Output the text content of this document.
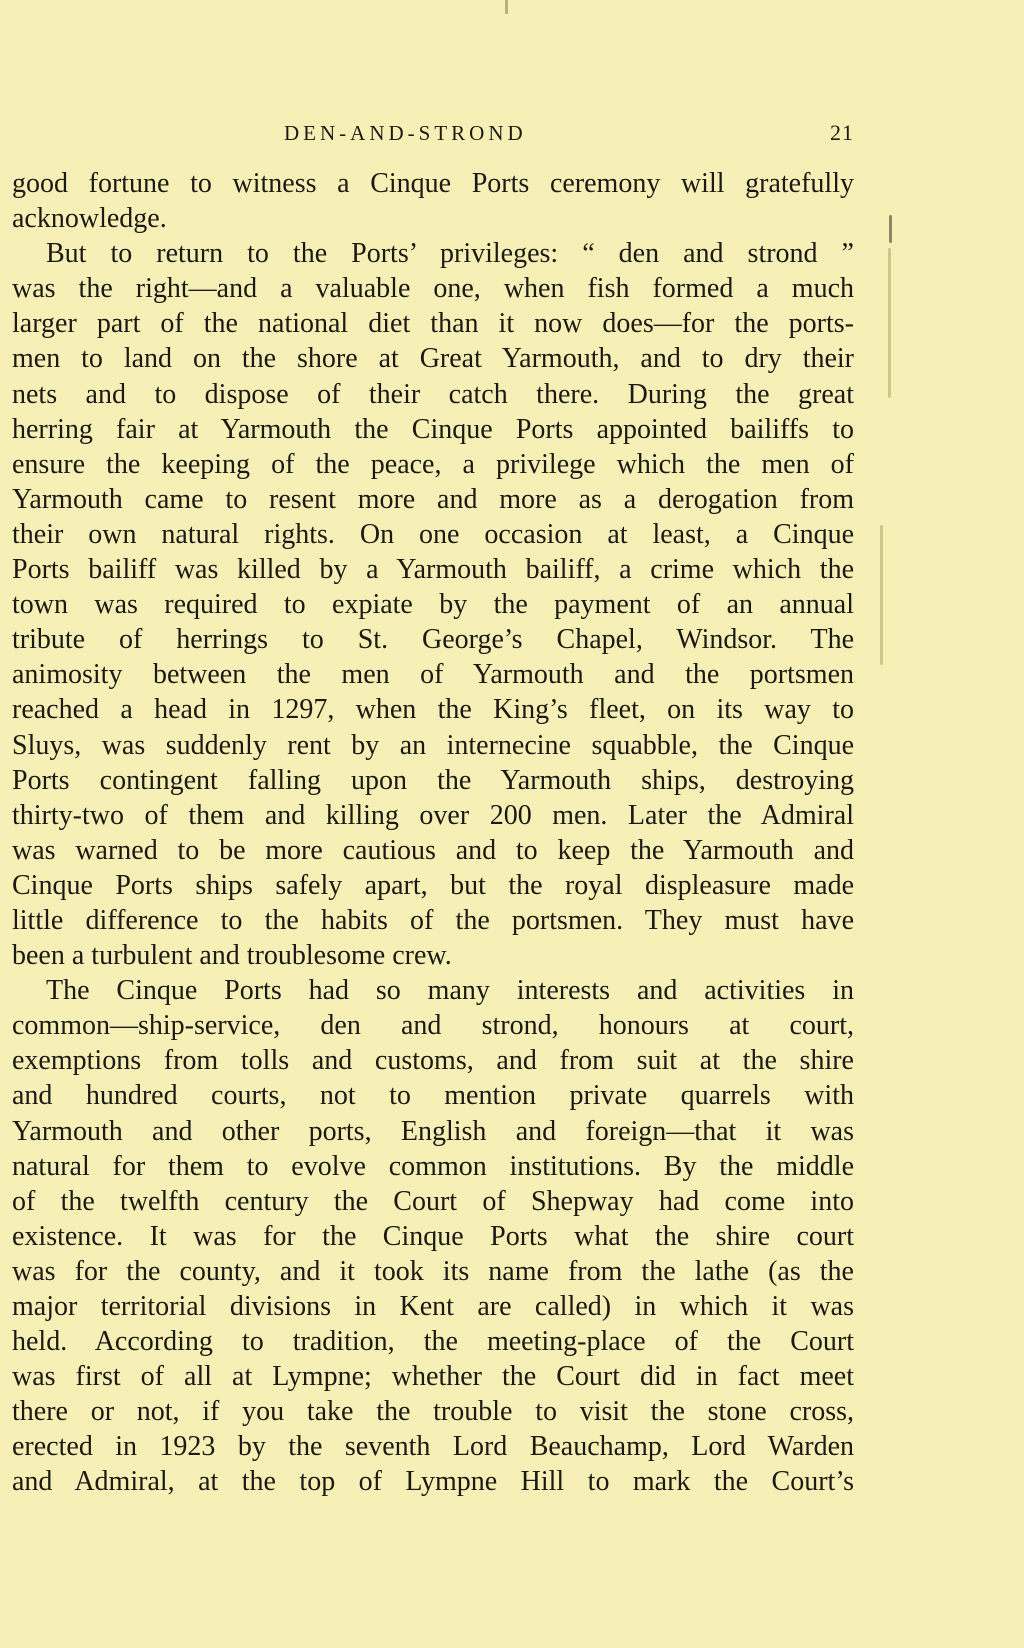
DEN-AND-STROND	21
good fortune to witness a Cinque Ports ceremony will gratefully
acknowledge.
But to return to the Ports’ privileges: “ den and strond ”
was the right—and a valuable one, when fish formed a much
larger part of the national diet than it now does—for the ports-
men to land on the shore at Great Yarmouth, and to dry their
nets and to dispose of their catch there. During the great
herring fair at Yarmouth the Cinque Ports appointed bailiffs to
ensure the keeping of the peace, a privilege which the men of
Yarmouth came to resent more and more as a derogation from
their own natural rights. On one occasion at least, a Cinque
Ports bailiff was killed by a Yarmouth bailiff, a crime which the
town was required to expiate by the payment of an annual
tribute of herrings to St. George’s Chapel, Windsor. The
animosity between the men of Yarmouth and the portsmen
reached a head in 1297, when the King’s fleet, on its way to
Sluys, was suddenly rent by an internecine squabble, the Cinque
Ports contingent falling upon the Yarmouth ships, destroying
thirty-two of them and killing over 200 men. Later the Admiral
was warned to be more cautious and to keep the Yarmouth and
Cinque Ports ships safely apart, but the royal displeasure made
little difference to the habits of the portsmen. They must have
been a turbulent and troublesome crew.
The Cinque Ports had so many interests and activities in
common—ship-service, den and strond, honours at court,
exemptions from tolls and customs, and from suit at the shire
and hundred courts, not to mention private quarrels with
Yarmouth and other ports, English and foreign—that it was
natural for them to evolve common institutions. By the middle
of the twelfth century the Court of Shepway had come into
existence. It was for the Cinque Ports what the shire court
was for the county, and it took its name from the lathe (as the
major territorial divisions in Kent are called) in which it was
held. According to tradition, the meeting-place of the Court
was first of all at Lympne; whether the Court did in fact meet
there or not, if you take the trouble to visit the stone cross,
erected in 1923 by the seventh Lord Beauchamp, Lord Warden
and Admiral, at the top of Lympne Hill to mark the Court’s
